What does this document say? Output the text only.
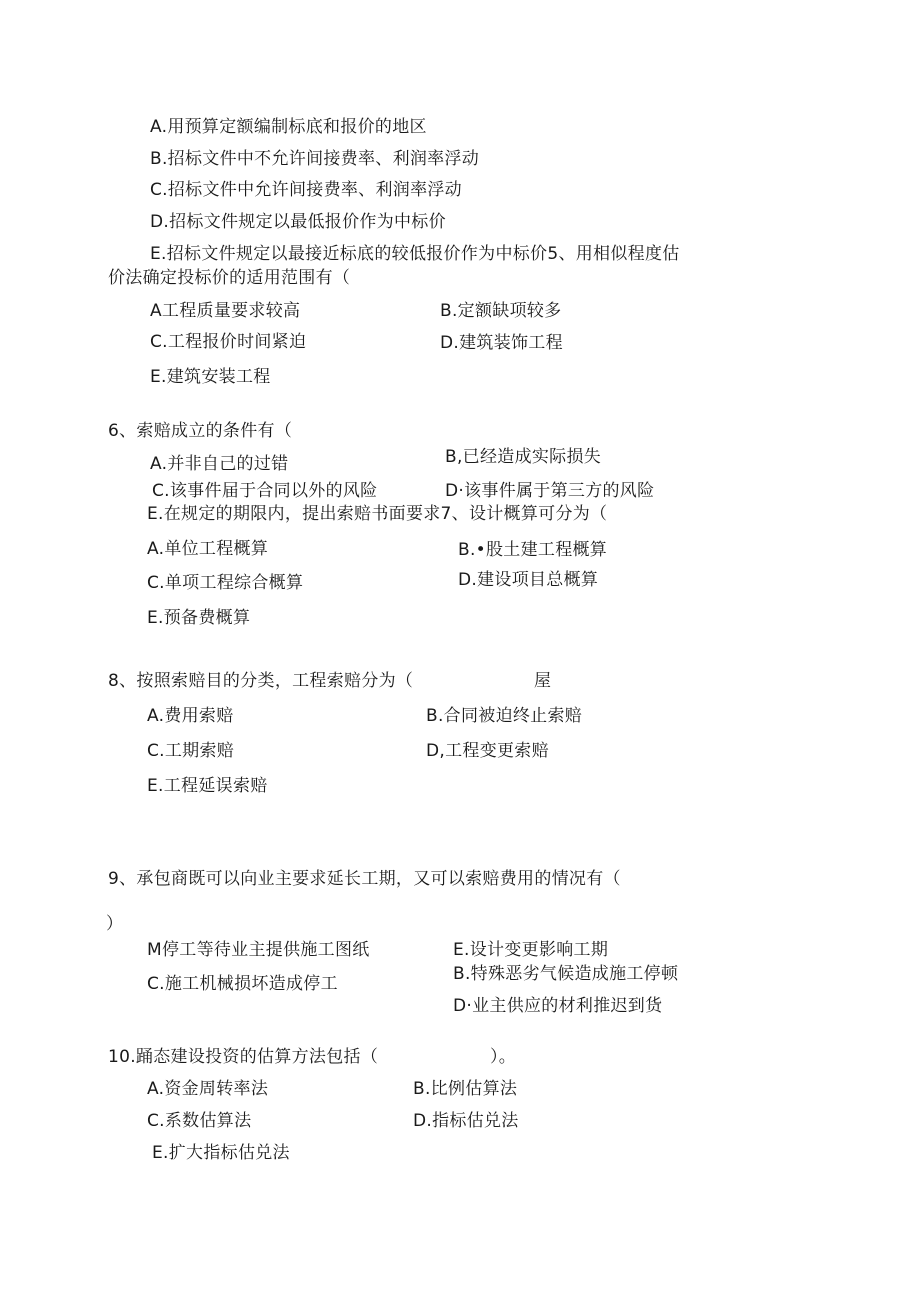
A.用预算定额编制标底和报价的地区
B.招标文件中不允许间接费率、利润率浮动
C.招标文件中允许间接费率、利润率浮动
D.招标文件规定以最低报价作为中标价
E.招标文件规定以最接近标底的较低报价作为中标价5、用相似程度估
价法确定投标价的适用范围有（
A工程质量要求较高	B.定额缺项较多
C.工程报价时间紧迫	D.建筑装饰工程
E.建筑安装工程
6、索赔成立的条件有（
A.并非自己的过错	B,已经造成实际损失
C.该事件届于合同以外的风险	D·该事件属于第三方的风险
E.在规定的期限内，提出索赔书面要求7、设计概算可分为（
A.单位工程概算	B.•股土建工程概算
C.单项工程综合概算	D.建设项目总概算
E.预备费概算
8、按照索赔目的分类，工程索赔分为（	屋
A.费用索赔	B.合同被迫终止索赔
C.工期索赔	D,工程变更索赔
E.工程延误索赔
9、承包商既可以向业主要求延长工期，又可以索赔费用的情况有（
）
M停工等待业主提供施工图纸	E.设计变更影响工期
B.特殊恶劣气候造成施工停顿
C.施工机械损坏造成停工
D·业主供应的材利推迟到货
10.踊态建设投资的估算方法包括（	）。
A.资金周转率法	B.比例估算法
C.系数估算法	D.指标估兑法
E.扩大指标估兑法
